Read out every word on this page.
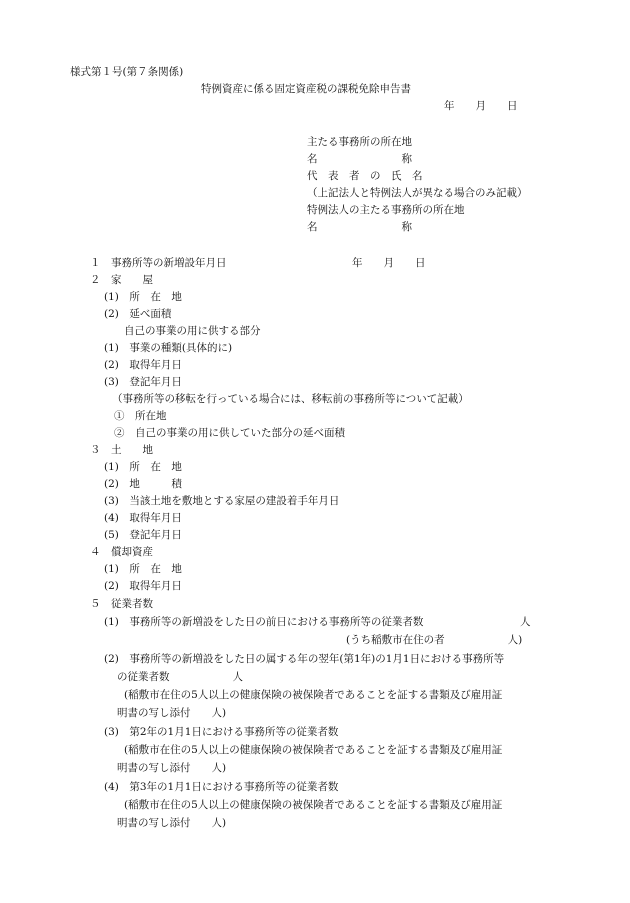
様式第１号(第７条関係)

特例資産に係る固定資産税の課税免除申告書

年　　月　　日

主たる事務所の所在地

名　　　　　　　　称

代　表　者　の　氏　名

（上記法人と特例法人が異なる場合のみ記載）

特例法人の主たる事務所の所在地

名　　　　　　　　称

１　事務所等の新増設年月日	年　　月　　日

２　家　　屋

(1)　所　在　地

(2)　延べ面積

自己の事業の用に供する部分

(1)　事業の種類(具体的に)

(2)　取得年月日

(3)　登記年月日

（事務所等の移転を行っている場合には、移転前の事務所等について記載）

①　所在地

②　自己の事業の用に供していた部分の延べ面積

３　土　　地

(1)　所　在　地

(2)　地　　　積

(3)　当該土地を敷地とする家屋の建設着手年月日

(4)　取得年月日

(5)　登記年月日

４　償却資産

(1)　所　在　地

(2)　取得年月日

５　従業者数

(1)　事務所等の新増設をした日の前日における事務所等の従業者数	人

(うち稲敷市在住の者　　　　　　人)

(2)　事務所等の新増設をした日の属する年の翌年(第1年)の1月1日における事務所等

の従業者数　　　　　　人

(稲敷市在住の5人以上の健康保険の被保険者であることを証する書類及び雇用証

明書の写し添付　　人)

(3)　第2年の1月1日における事務所等の従業者数

(稲敷市在住の5人以上の健康保険の被保険者であることを証する書類及び雇用証

明書の写し添付　　人)

(4)　第3年の1月1日における事務所等の従業者数

(稲敷市在住の5人以上の健康保険の被保険者であることを証する書類及び雇用証

明書の写し添付　　人)
